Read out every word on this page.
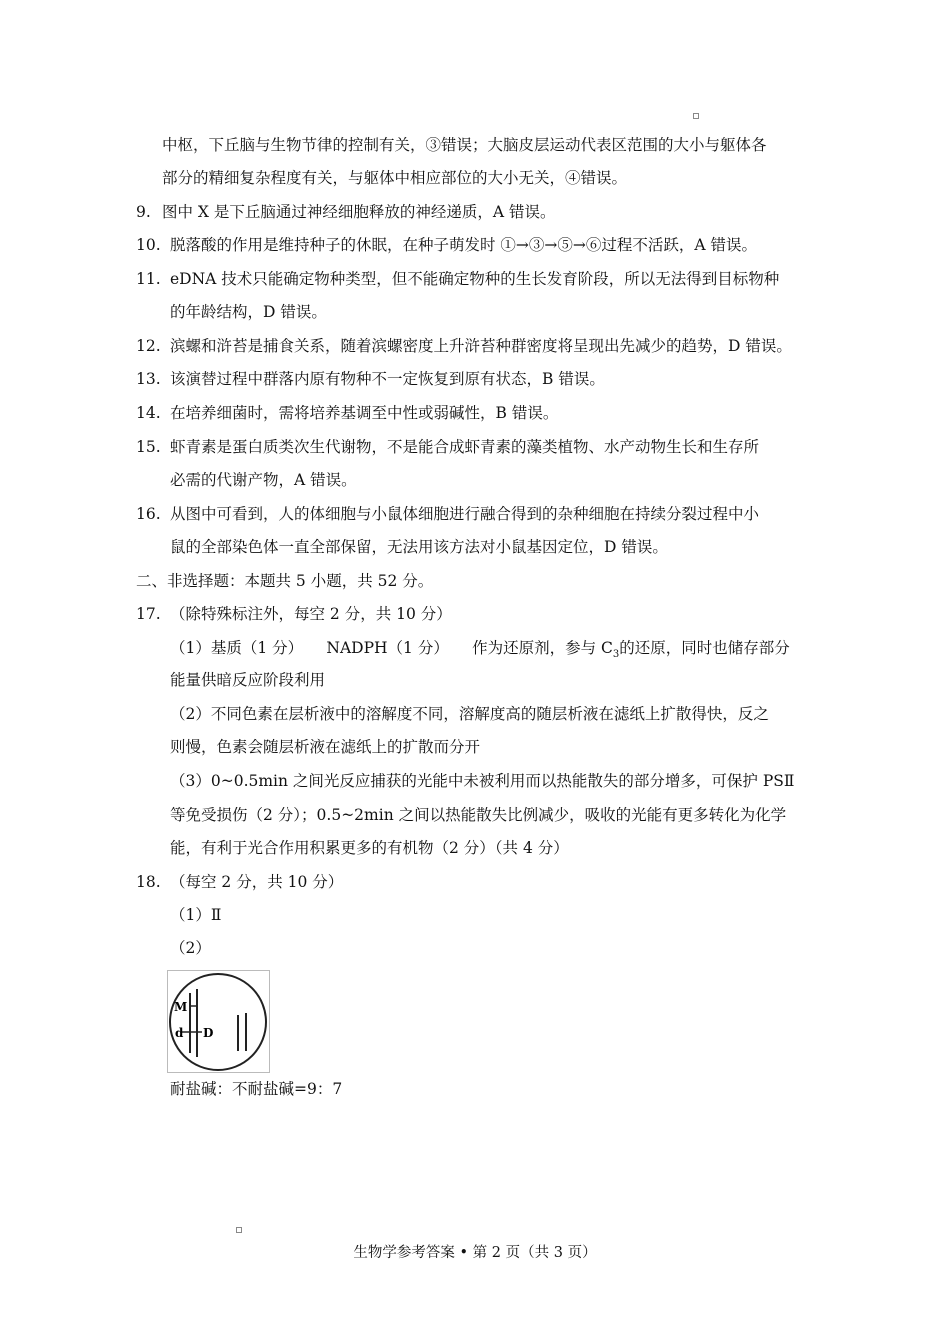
中枢，下丘脑与生物节律的控制有关，③错误；大脑皮层运动代表区范围的大小与躯体各
部分的精细复杂程度有关，与躯体中相应部位的大小无关，④错误。
9. 图中 X 是下丘脑通过神经细胞释放的神经递质，A 错误。
10. 脱落酸的作用是维持种子的休眠，在种子萌发时 ①→③→⑤→⑥过程不活跃，A 错误。
11. eDNA 技术只能确定物种类型，但不能确定物种的生长发育阶段，所以无法得到目标物种
的年龄结构，D 错误。
12. 滨螺和浒苔是捕食关系，随着滨螺密度上升浒苔种群密度将呈现出先减少的趋势，D 错误。
13. 该演替过程中群落内原有物种不一定恢复到原有状态，B 错误。
14. 在培养细菌时，需将培养基调至中性或弱碱性，B 错误。
15. 虾青素是蛋白质类次生代谢物，不是能合成虾青素的藻类植物、水产动物生长和生存所
必需的代谢产物，A 错误。
16. 从图中可看到，人的体细胞与小鼠体细胞进行融合得到的杂种细胞在持续分裂过程中小
鼠的全部染色体一直全部保留，无法用该方法对小鼠基因定位，D 错误。
二、非选择题：本题共 5 小题，共 52 分。
17. （除特殊标注外，每空 2 分，共 10 分）
（1）基质（1 分）　　NADPH（1 分）　　作为还原剂，参与 $C_3$的还原，同时也储存部分
能量供暗反应阶段利用
（2）不同色素在层析液中的溶解度不同，溶解度高的随层析液在滤纸上扩散得快，反之
则慢，色素会随层析液在滤纸上的扩散而分开
（3）0~0.5min 之间光反应捕获的光能中未被利用而以热能散失的部分增多，可保护 PSⅡ
等免受损伤（2 分）；0.5~2min 之间以热能散失比例减少，吸收的光能有更多转化为化学
能，有利于光合作用积累更多的有机物（2 分）（共 4 分）
18. （每空 2 分，共 10 分）
（1）Ⅱ
（2）
M
d D
耐盐碱：不耐盐碱=9：7
生物学参考答案 • 第 2 页（共 3 页）
